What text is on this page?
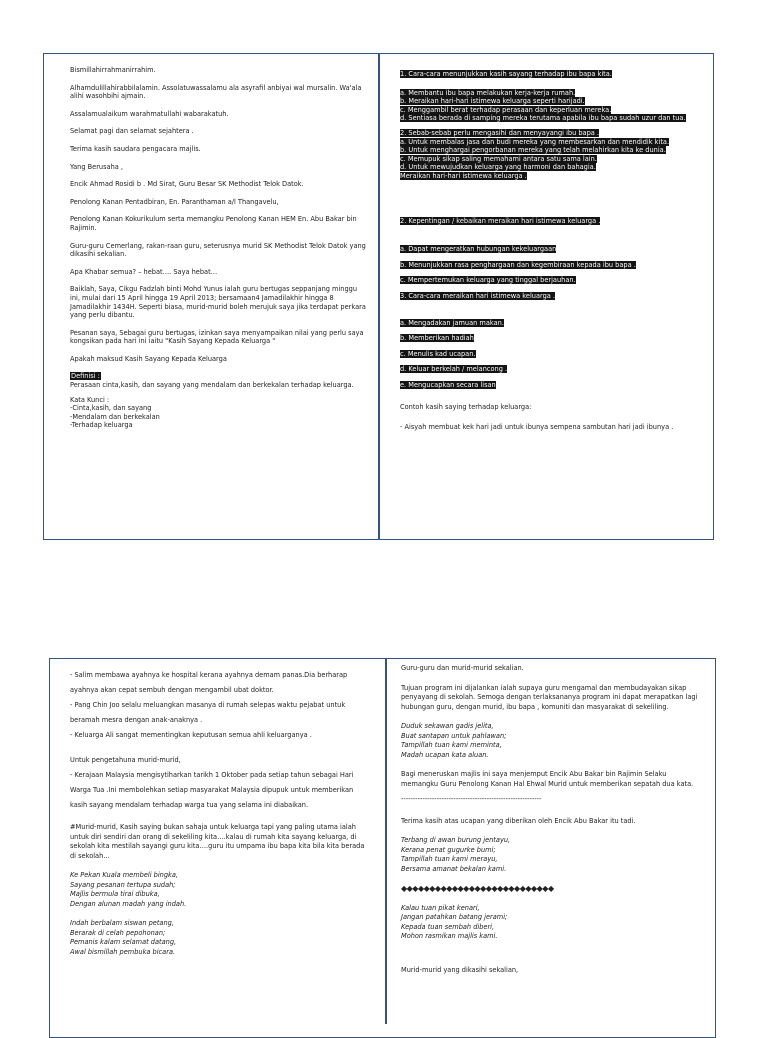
Bismillahirrahmanirrahim.

Alhamdulillahirabbilalamin. Assolatuwassalamu ala asyrafil anbiyai wal mursalin. Wa'ala alihi wasohbihi ajmain.

Assalamualaikum warahmatullahi wabarakatuh.

Selamat pagi dan selamat sejahtera .

Terima kasih saudara pengacara majlis.

Yang Berusaha ,

Encik Ahmad Rosidi b . Md Sirat, Guru Besar SK Methodist Telok Datok.

Penolong Kanan Pentadbiran, En. Paranthaman a/l Thangavelu,

Penolong Kanan Kokurikulum serta memangku Penolong Kanan HEM En. Abu Bakar bin Rajimin.

Guru-guru Cemerlang, rakan-raan guru, seterusnya murid SK Methodist Telok Datok yang dikasihi sekalian.

Apa Khabar semua? – hebat…. Saya hebat…

Baiklah, Saya, Cikgu Fadzlah binti Mohd Yunus ialah guru bertugas seppanjang minggu ini, mulai dari 15 April hingga 19 April 2013; bersamaan4 Jamadilakhir hingga 8 Jamadilakhir 1434H. Seperti biasa, murid-murid boleh merujuk saya jika terdapat perkara yang perlu dibantu.

Pesanan saya, Sebagai guru bertugas, izinkan saya menyampaikan nilai yang perlu saya kongsikan pada hari ini iaitu "Kasih Sayang Kepada Keluarga "

Apakah maksud Kasih Sayang Kepada Keluarga

Definisi :

Perasaan cinta,kasih, dan sayang yang mendalam dan berkekalan terhadap keluarga.

Kata Kunci :
-Cinta,kasih, dan sayang
-Mendalam dan berkekalan
-Terhadap keluarga
1. Cara-cara menunjukkan kasih sayang terhadap ibu bapa kita.
a. Membantu ibu bapa melakukan kerja-kerja rumah.
b. Meraikan hari-hari istimewa keluarga seperti harijadi.
c. Menggambil berat terhadap perasaan dan keperluan mereka.
d. Sentiasa berada di samping mereka terutama apabila ibu bapa sudah uzur dan tua.
2. Sebab-sebab perlu mengasihi dan menyayangi ibu bapa .
a. Untuk membalas jasa dan budi mereka yang membesarkan dan mendidik kita.
b. Untuk menghargai pengorbanan mereka yang telah melahirkan kita ke dunia.
c. Memupuk sikap saling memahami antara satu sama lain.
d. Untuk mewujudkan keluarga yang harmoni dan bahagia.
Meraikan hari-hari istimewa keluarga .
2. Kepentingan / kebaikan meraikan hari istimewa keluarga .
a. Dapat mengeratkan hubungan kekeluargaan
b. Menunjukkan rasa penghargaan dan kegembiraan kepada ibu bapa .
c. Mempertemukan keluarga yang tinggal berjauhan.
3. Cara-cara meraikan hari istimewa keluarga .
a. Mengadakan jamuan makan.
b. Memberikan hadiah
c. Menulis kad ucapan.
d. Keluar berkelah / melancong .
e. Mengucapkan secara lisan
Contoh kasih saying terhadap keluarga:
- Aisyah membuat kek hari jadi untuk ibunya sempena sambutan hari jadi ibunya .
- Salim membawa ayahnya ke hospital kerana ayahnya demam panas.Dia berharap ayahnya akan cepat sembuh dengan mengambil ubat doktor.
- Pang Chin Joo selalu meluangkan masanya di rumah selepas waktu pejabat untuk beramah mesra dengan anak-anaknya .
- Keluarga Ali sangat mementingkan keputusan semua ahli keluarganya .
Untuk pengetahuna murid-murid,
- Kerajaan Malaysia mengisytiharkan tarikh 1 Oktober pada setiap tahun sebagai Hari Warga Tua .Ini membolehkan setiap masyarakat Malaysia dipupuk untuk memberikan kasih sayang mendalam terhadap warga tua yang selama ini diabaikan.
#Murid-murid, Kasih saying bukan sahaja untuk keluarga tapi yang paling utama ialah untuk diri sendiri dan orang di sekeliling kita….kalau di rumah kita sayang keluarga, di sekolah kita mestilah sayangi guru kita….guru itu umpama ibu bapa kita bila kita berada di sekolah…
Ke Pekan Kuala membeli bingka,
Sayang pesanan tertupa sudah;
Majlis bermula tirai dibuka,
Dengan alunan madah yang indah.
Indah berbalam siswan petang,
Berarak di celah pepohonan;
Pemanis kalam selamat datang,
Awal bismillah pembuka bicara.
Guru-guru dan murid-murid sekalian.
Tujuan program ini dijalankan ialah supaya guru mengamal dan membudayakan sikap penyayang di sekolah. Semoga dengan terlaksananya program ini dapat merapatkan lagi hubungan guru, dengan murid, ibu bapa , komuniti dan masyarakat di sekeliling.
Duduk sekawan gadis jelita,
Buat santapan untuk pahlawan;
Tampillah tuan kami meminta,
Madah ucapan kata aluan.
Bagi meneruskan majlis ini saya menjemput Encik Abu Bakar bin Rajimin Selaku memangku Guru Penolong Kanan Hal Ehwal Murid untuk memberikan sepatah dua kata.
-----------------------------------------------------------
Terima kasih atas ucapan yang diberikan oleh Encik Abu Bakar itu tadi.
Terbang di awan burung jentayu,
Kerana penat gugurke bumi;
Tampillah tuan kami merayu,
Bersama amanat bekalan kami.
◆◆◆◆◆◆◆◆◆◆◆◆◆◆◆◆◆◆◆◆◆◆◆◆◆◆◆
Kalau tuan pikat kenari,
Jangan patahkan batang jerami;
Kepada tuan sembah diberi,
Mohon rasmikan majlis kami.
Murid-murid yang dikasihi sekalian,
